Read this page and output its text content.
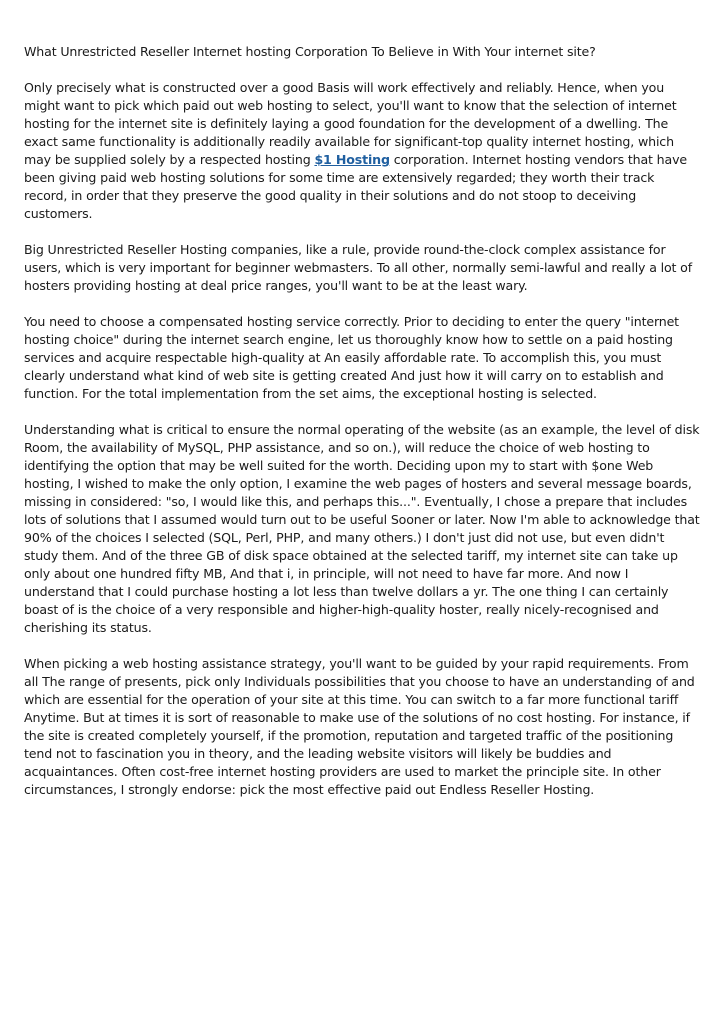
What Unrestricted Reseller Internet hosting Corporation To Believe in With Your internet site?

Only precisely what is constructed over a good Basis will work effectively and reliably. Hence, when you might want to pick which paid out web hosting to select, you'll want to know that the selection of internet hosting for the internet site is definitely laying a good foundation for the development of a dwelling. The exact same functionality is additionally readily available for significant-top quality internet hosting, which may be supplied solely by a respected hosting $1 Hosting corporation. Internet hosting vendors that have been giving paid web hosting solutions for some time are extensively regarded; they worth their track record, in order that they preserve the good quality in their solutions and do not stoop to deceiving customers.

Big Unrestricted Reseller Hosting companies, like a rule, provide round-the-clock complex assistance for users, which is very important for beginner webmasters. To all other, normally semi-lawful and really a lot of hosters providing hosting at deal price ranges, you'll want to be at the least wary.

You need to choose a compensated hosting service correctly. Prior to deciding to enter the query "internet hosting choice" during the internet search engine, let us thoroughly know how to settle on a paid hosting services and acquire respectable high-quality at An easily affordable rate. To accomplish this, you must clearly understand what kind of web site is getting created And just how it will carry on to establish and function. For the total implementation from the set aims, the exceptional hosting is selected.

Understanding what is critical to ensure the normal operating of the website (as an example, the level of disk Room, the availability of MySQL, PHP assistance, and so on.), will reduce the choice of web hosting to identifying the option that may be well suited for the worth. Deciding upon my to start with $one Web hosting, I wished to make the only option, I examine the web pages of hosters and several message boards, missing in considered: "so, I would like this, and perhaps this...". Eventually, I chose a prepare that includes lots of solutions that I assumed would turn out to be useful Sooner or later. Now I'm able to acknowledge that 90% of the choices I selected (SQL, Perl, PHP, and many others.) I don't just did not use, but even didn't study them. And of the three GB of disk space obtained at the selected tariff, my internet site can take up only about one hundred fifty MB, And that i, in principle, will not need to have far more. And now I understand that I could purchase hosting a lot less than twelve dollars a yr. The one thing I can certainly boast of is the choice of a very responsible and higher-high-quality hoster, really nicely-recognised and cherishing its status.

When picking a web hosting assistance strategy, you'll want to be guided by your rapid requirements. From all The range of presents, pick only Individuals possibilities that you choose to have an understanding of and which are essential for the operation of your site at this time. You can switch to a far more functional tariff Anytime. But at times it is sort of reasonable to make use of the solutions of no cost hosting. For instance, if the site is created completely yourself, if the promotion, reputation and targeted traffic of the positioning tend not to fascination you in theory, and the leading website visitors will likely be buddies and acquaintances. Often cost-free internet hosting providers are used to market the principle site. In other circumstances, I strongly endorse: pick the most effective paid out Endless Reseller Hosting.
